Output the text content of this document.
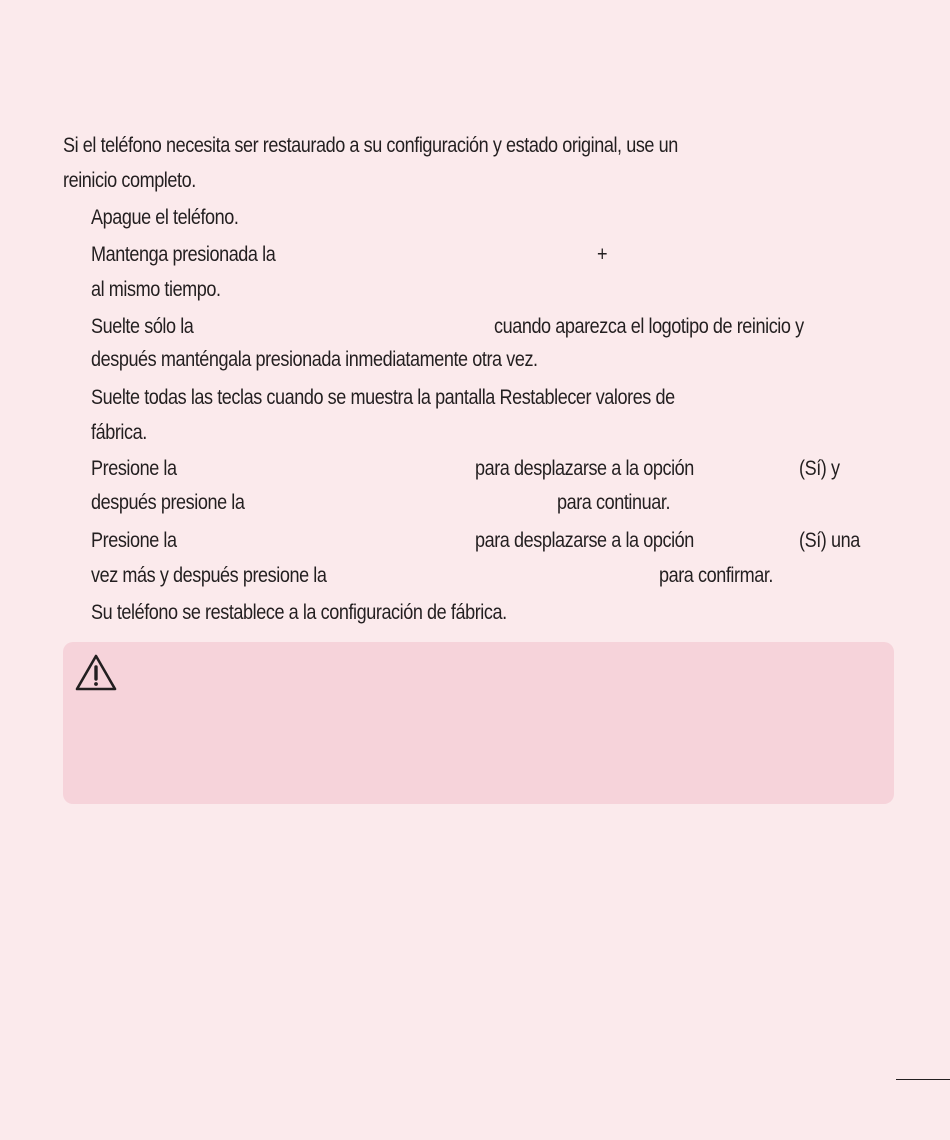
Si el teléfono necesita ser restaurado a su configuración y estado original, use un
reinicio completo.
Apague el teléfono.
Mantenga presionada la	+
al mismo tiempo.
Suelte sólo la	cuando aparezca el logotipo de reinicio y
después manténgala presionada inmediatamente otra vez.
Suelte todas las teclas cuando se muestra la pantalla Restablecer valores de
fábrica.
Presione la	para desplazarse a la opción	(Sí) y
después presione la	para continuar.
Presione la	para desplazarse a la opción	(Sí) una
vez más y después presione la	para confirmar.
Su teléfono se restablece a la configuración de fábrica.
